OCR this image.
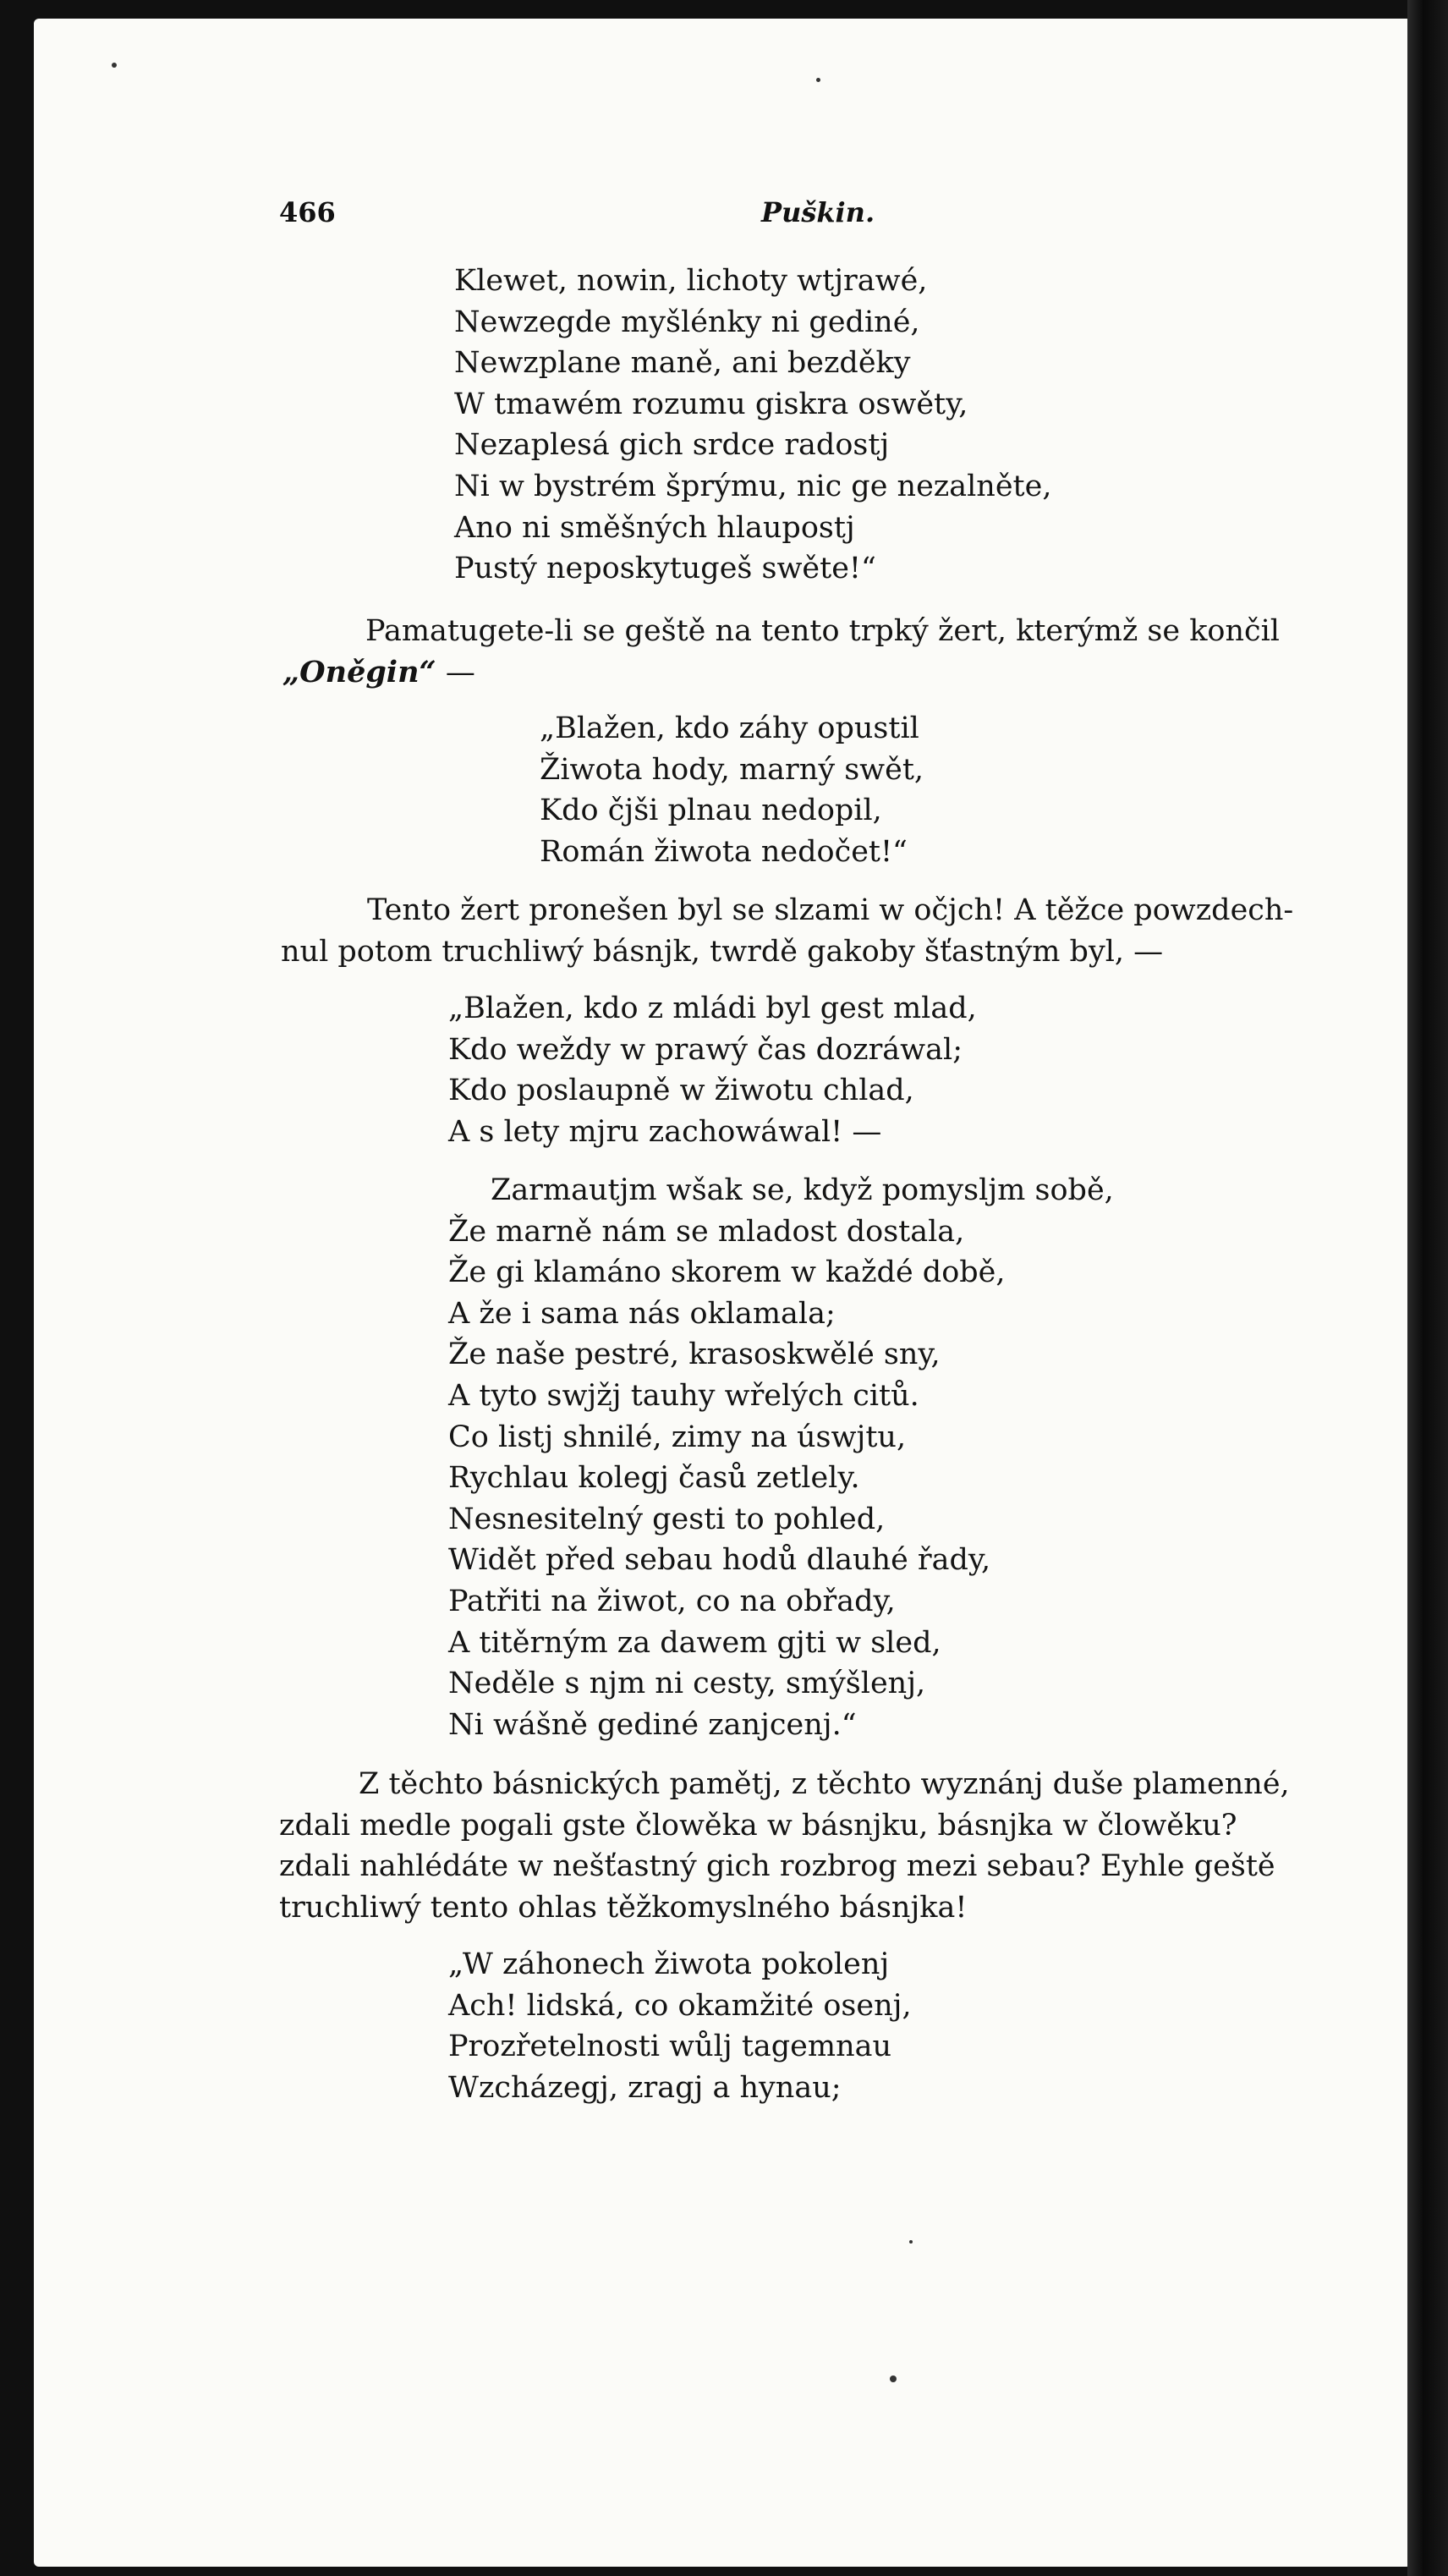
466	Puškin.
Klewet, nowin, lichoty wtjrawé,
Newzegde myšlénky ni gediné,
Newzplane maně, ani bezděky
W tmawém rozumu giskra oswěty,
Nezaplesá gich srdce radostj
Ni w bystrém šprýmu, nic ge nezalněte,
Ano ni směšných hlaupostj
Pustý neposkytugeš swěte!“
Pamatugete-li se geště na tento trpký žert, kterýmž se končil
„Oněgin“ —
„Blažen, kdo záhy opustil
Žiwota hody, marný swět,
Kdo čjši plnau nedopil,
Román žiwota nedočet!“
Tento žert pronešen byl se slzami w očjch! A těžce powzdech-
nul potom truchliwý básnjk, twrdě gakoby šťastným byl, —
„Blažen, kdo z mládi byl gest mlad,
Kdo weždy w prawý čas dozráwal;
Kdo poslaupně w žiwotu chlad,
A s lety mjru zachowáwal! —
Zarmautjm wšak se, když pomyslјm sobě,
Že marně nám se mladost dostala,
Že gi klamáno skorem w každé době,
A že i sama nás oklamala;
Že naše pestré, krasoskwělé sny,
A tyto swjžj tauhy wřelých citů.
Co listj shnilé, zimy na úswjtu,
Rychlau kolegj časů zetlely.
Nesnesitelný gesti to pohled,
Widět před sebau hodů dlauhé řady,
Patřiti na žiwot, co na obřady,
A titěrným za dawem gjti w sled,
Neděle s njm ni cesty, smýšlenj,
Ni wášně gediné zanjcenj.“
Z těchto básnických pamětj, z těchto wyznánj duše plamenné,
zdali medle pogali gste člowěka w básnjku, básnjka w člowěku?
zdali nahlédáte w nešťastný gich rozbrog mezi sebau? Eyhle geště
truchliwý tento ohlas těžkomyslného básnjka!
„W záhonech žiwota pokolenj
Ach! lidská, co okamžité osenj,
Prozřetelnosti wůlj tagemnau
Wzcházegj, zragj a hynau;
